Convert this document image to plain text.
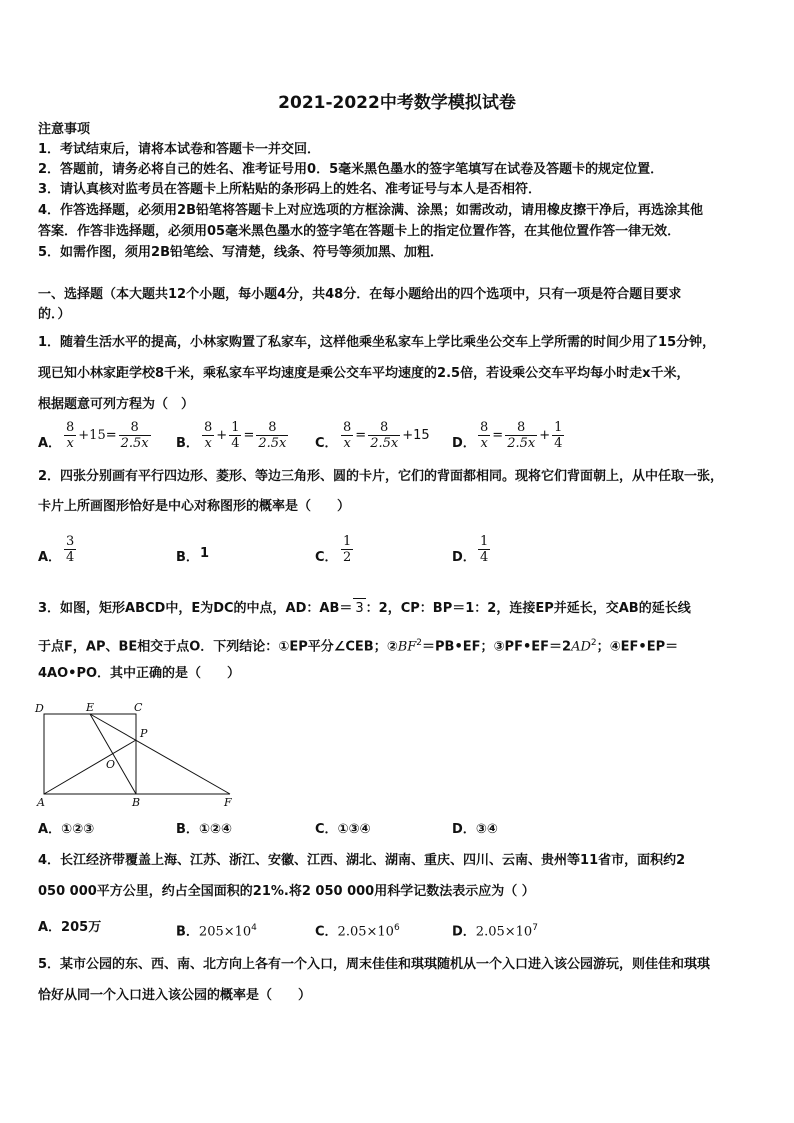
2021-2022中考数学模拟试卷
注意事项
1．考试结束后，请将本试卷和答题卡一并交回．
2．答题前，请务必将自己的姓名、准考证号用0．5毫米黑色墨水的签字笔填写在试卷及答题卡的规定位置．
3．请认真核对监考员在答题卡上所粘贴的条形码上的姓名、准考证号与本人是否相符．
4．作答选择题，必须用2B铅笔将答题卡上对应选项的方框涂满、涂黑；如需改动，请用橡皮擦干净后，再选涂其他
答案．作答非选择题，必须用05毫米黑色墨水的签字笔在答题卡上的指定位置作答，在其他位置作答一律无效．
5．如需作图，须用2B铅笔绘、写清楚，线条、符号等须加黑、加粗．
一、选择题（本大题共12个小题，每小题4分，共48分．在每小题给出的四个选项中，只有一项是符合题目要求
的．）
1．随着生活水平的提高，小林家购置了私家车，这样他乘坐私家车上学比乘坐公交车上学所需的时间少用了15分钟，
现已知小林家距学校8千米，乘私家车平均速度是乘公交车平均速度的2.5倍，若设乘公交车平均每小时走x千米，
根据题意可列方程为（　）
A． $\frac{8}{x} +15= \frac{8}{2.5x}$ B． $\frac{8}{x} + \frac{1}{4} = \frac{8}{2.5x}$ C． $\frac{8}{x} = \frac{8}{2.5x} +15$
D． $\frac{8}{x} = \frac{8}{2.5x} + \frac{1}{4}$
2．四张分别画有平行四边形、菱形、等边三角形、圆的卡片，它们的背面都相同。现将它们背面朝上，从中任取一张，
卡片上所画图形恰好是中心对称图形的概率是（　　）
A． $\frac{3}{4}$	B． 1	C． $\frac{1}{2}$	D． $\frac{1}{4}$
3．如图，矩形ABCD中，E为DC的中点，AD：AB＝ 3 ：2，CP：BP＝1：2，连接EP并延长，交AB的延长线
于点F，AP、BE相交于点O．下列结论：①EP平分∠CEB；$②BF^2=PB•EF$；$③PF•EF=2AD^2$；④EF•EP＝
4AO•PO．其中正确的是（　　）
D	E	C
P
O
A	B	F
A．①②③	B．①②④	C．①③④	D．③④
4．长江经济带覆盖上海、江苏、浙江、安徽、江西、湖北、湖南、重庆、四川、云南、贵州等11省市，面积约2
050 000平方公里，约占全国面积的21%.将2 050 000用科学记数法表示应为（ ）
A．205万	B．$205\times 10^4$	C．$2.05\times 10^6$	D．$2.05\times 10^7$
5．某市公园的东、西、南、北方向上各有一个入口，周末佳佳和琪琪随机从一个入口进入该公园游玩，则佳佳和琪琪
恰好从同一个入口进入该公园的概率是（　　）
